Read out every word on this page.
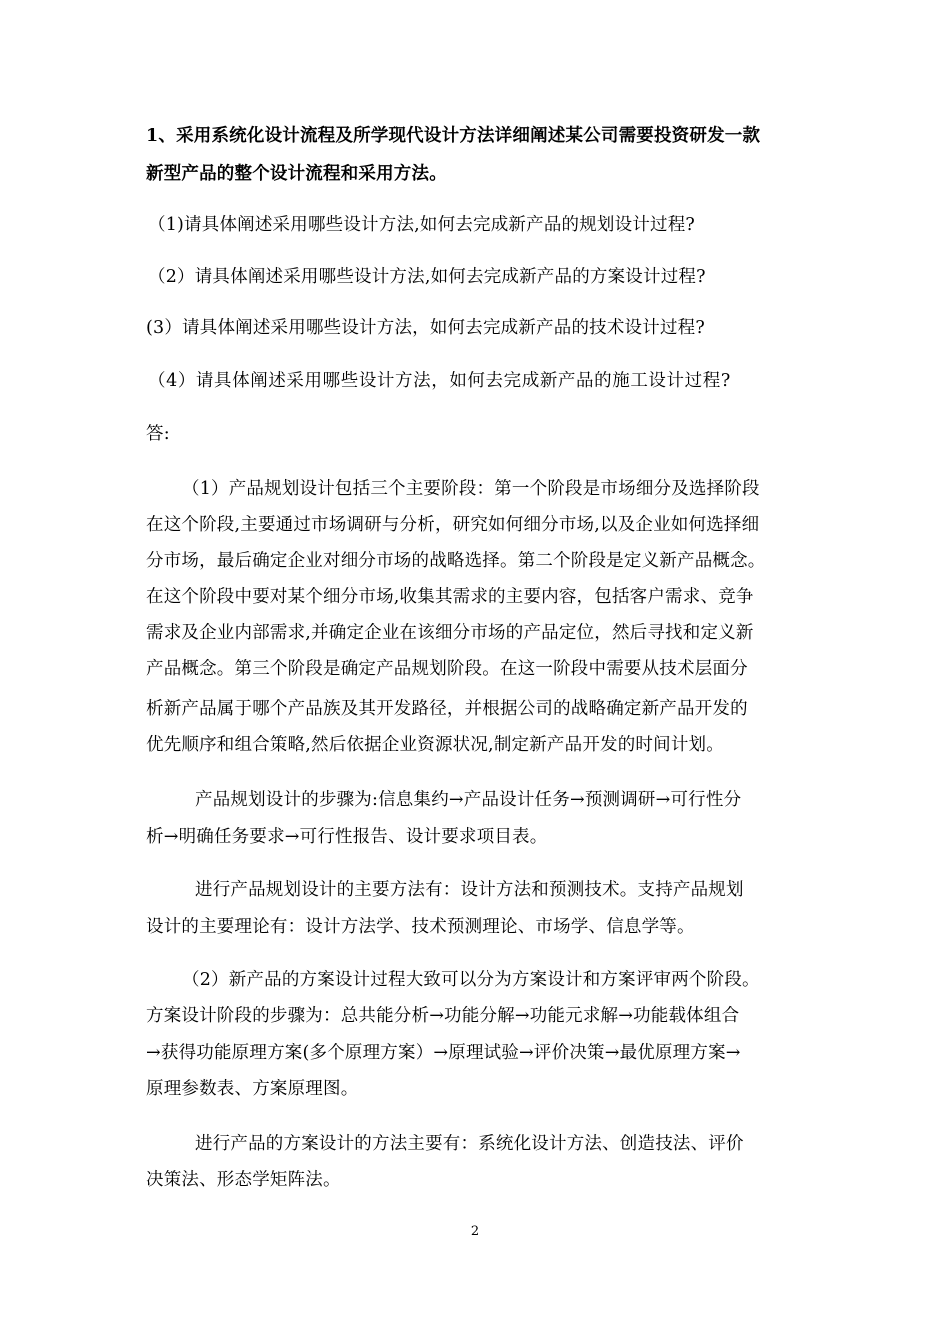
1、采用系统化设计流程及所学现代设计方法详细阐述某公司需要投资研发一款
新型产品的整个设计流程和采用方法。
（1)请具体阐述采用哪些设计方法,如何去完成新产品的规划设计过程?
（2）请具体阐述采用哪些设计方法,如何去完成新产品的方案设计过程?
(3）请具体阐述采用哪些设计方法，如何去完成新产品的技术设计过程?
（4）请具体阐述采用哪些设计方法，如何去完成新产品的施工设计过程?
答:
（1）产品规划设计包括三个主要阶段：第一个阶段是市场细分及选择阶段
在这个阶段,主要通过市场调研与分析，研究如何细分市场,以及企业如何选择细
分市场，最后确定企业对细分市场的战略选择。第二个阶段是定义新产品概念。
在这个阶段中要对某个细分市场,收集其需求的主要内容，包括客户需求、竞争
需求及企业内部需求,并确定企业在该细分市场的产品定位，然后寻找和定义新
产品概念。第三个阶段是确定产品规划阶段。在这一阶段中需要从技术层面分
析新产品属于哪个产品族及其开发路径，并根据公司的战略确定新产品开发的
优先顺序和组合策略,然后依据企业资源状况,制定新产品开发的时间计划。
产品规划设计的步骤为:信息集约→产品设计任务→预测调研→可行性分
析→明确任务要求→可行性报告、设计要求项目表。
进行产品规划设计的主要方法有：设计方法和预测技术。支持产品规划
设计的主要理论有：设计方法学、技术预测理论、市场学、信息学等。
（2）新产品的方案设计过程大致可以分为方案设计和方案评审两个阶段。
方案设计阶段的步骤为：总共能分析→功能分解→功能元求解→功能载体组合
→获得功能原理方案(多个原理方案）→原理试验→评价决策→最优原理方案→
原理参数表、方案原理图。
进行产品的方案设计的方法主要有：系统化设计方法、创造技法、评价
决策法、形态学矩阵法。
2
